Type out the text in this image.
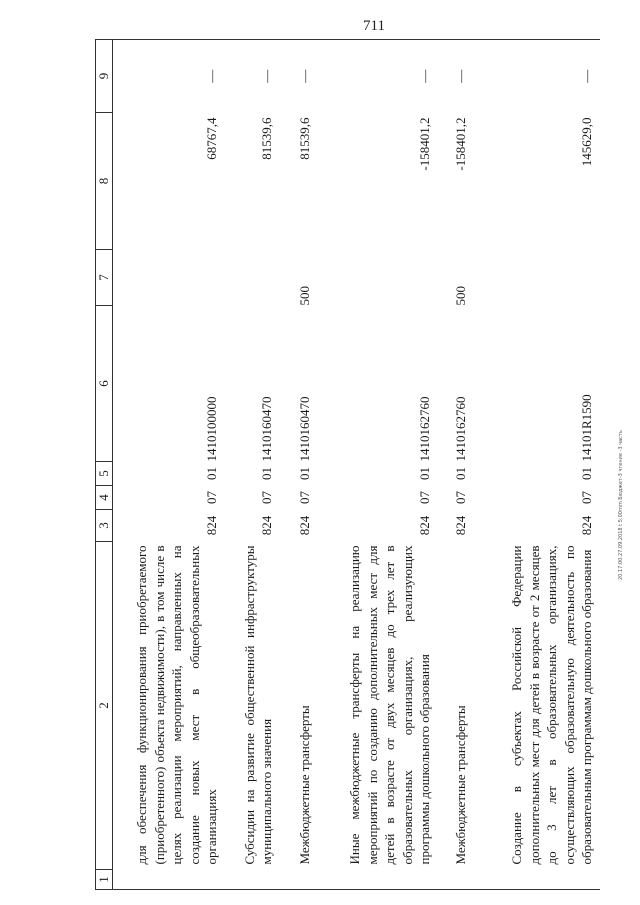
711
1	2	3	4	5	6	7	8	9
	для обеспечения функционирования приобретаемого (приобретенного) объекта недвижимости), в том числе в целях реализации мероприятий, направленных на создание новых мест в общеобразовательных организациях	824	07	01	1410100000		68767,4	—
	Субсидии на развитие общественной инфраструктуры муниципального значения	824	07	01	1410160470		81539,6	—
	Межбюджетные трансферты	824	07	01	1410160470	500	81539,6	—
	Иные межбюджетные трансферты на реализацию мероприятий по созданию дополнительных мест для детей в возрасте от двух месяцев до трех лет в образовательных организациях, реализующих программы дошкольного образования	824	07	01	1410162760		-158401,2	—
	Межбюджетные трансферты	824	07	01	1410162760	500	-158401,2	—
	Создание в субъектах Российской Федерации дополнительных мест для детей в возрасте от 2 месяцев до 3 лет в образовательных организациях, осуществляющих образовательную деятельность по образовательным программам дошкольного образования	824	07	01	14101R1590		145629,0	—
20.17:00.27.09.2018 t 5:00mm Бюджет-3 чтение -3 часть
